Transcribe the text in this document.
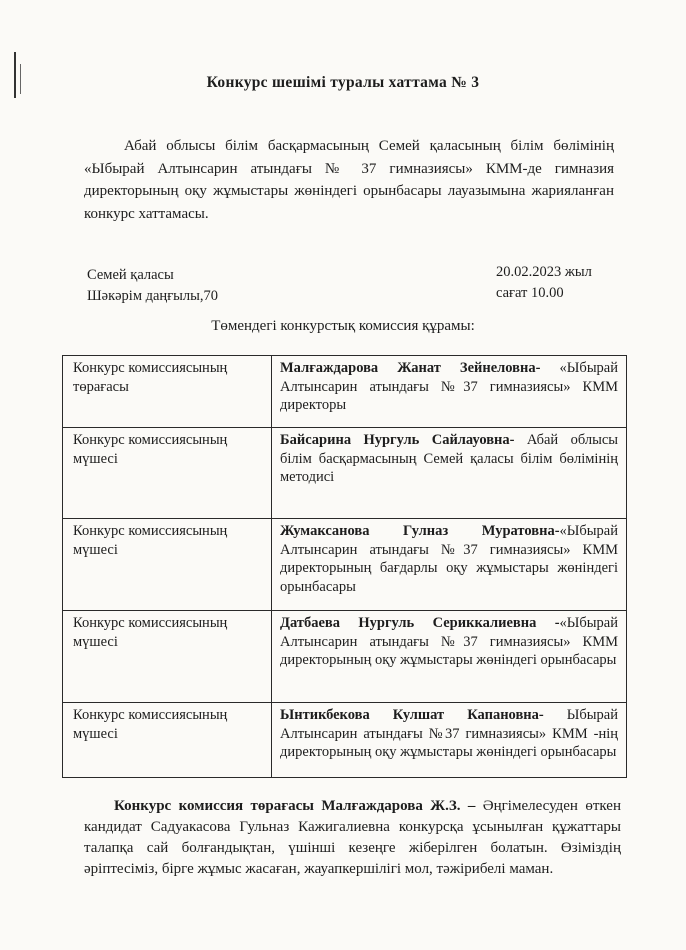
Конкурс шешімі туралы хаттама № 3

Абай облысы білім басқармасының Семей қаласының білім бөлімінің «Ыбырай Алтынсарин атындағы № 37 гимназиясы» КММ-де гимназия директорының оқу жұмыстары жөніндегі орынбасары лауазымына жарияланған конкурс хаттамасы.

Семей қаласы
Шәкәрім даңғылы,70
20.02.2023 жыл
сағат 10.00
Төмендегі конкурстық комиссия құрамы:
Конкурс комиссиясының төрағасы	Малғаждарова Жанат Зейнеловна- «Ыбырай Алтынсарин атындағы №37 гимназиясы» КММ директоры
Конкурс комиссиясының мүшесі	Байсарина Нургуль Сайлауовна- Абай облысы білім басқармасының Семей қаласы білім бөлімінің методисі
Конкурс комиссиясының мүшесі	Жумаксанова Гулназ Муратовна-«Ыбырай Алтынсарин атындағы №37 гимназиясы» КММ директорының бағдарлы оқу жұмыстары жөніндегі орынбасары
Конкурс комиссиясының мүшесі	Датбаева Нургуль Сериккалиевна -«Ыбырай Алтынсарин атындағы №37 гимназиясы» КММ директорының оқу жұмыстары жөніндегі орынбасары
Конкурс комиссиясының мүшесі	Ынтикбекова Кулшат Капановна- Ыбырай Алтынсарин атындағы №37 гимназиясы» КММ -нің директорының оқу жұмыстары жөніндегі орынбасары

Конкурс комиссия төрағасы Малғаждарова Ж.З. – Әңгімелесуден өткен кандидат Садуакасова Гульназ Кажигалиевна конкурсқа ұсынылған құжаттары талапқа сай болғандықтан, үшінші кезеңге жіберілген болатын. Өзіміздің әріптесіміз, бірге жұмыс жасаған, жауапкершілігі мол, тәжірибелі маман.
